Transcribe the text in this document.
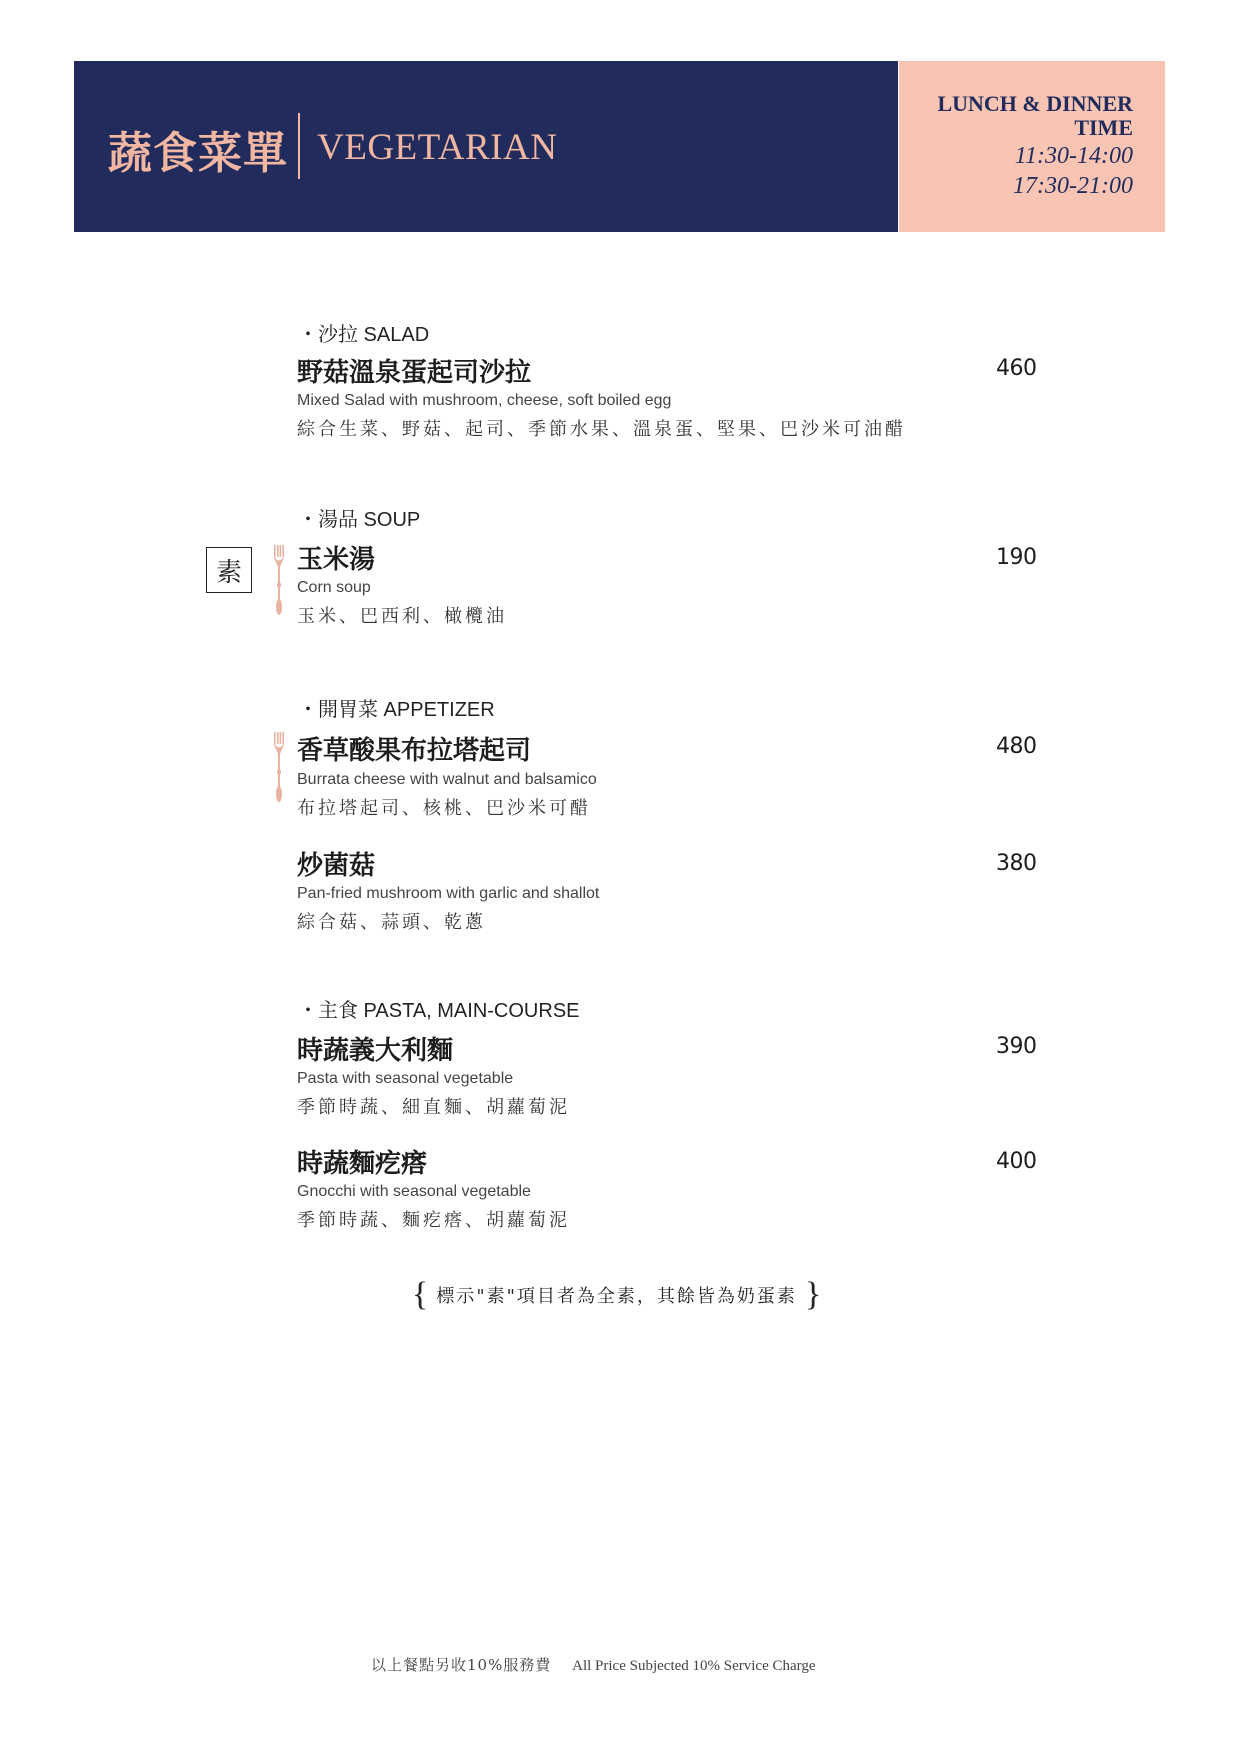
蔬食菜單 VEGETARIAN
LUNCH & DINNER
TIME
11:30-14:00
17:30-21:00
・沙拉 SALAD
野菇溫泉蛋起司沙拉	460
Mixed Salad with mushroom, cheese, soft boiled egg
綜合生菜、野菇、起司、季節水果、溫泉蛋、堅果、巴沙米可油醋
・湯品 SOUP
素	玉米湯	190
Corn soup
玉米、巴西利、橄欖油
・開胃菜 APPETIZER
香草酸果布拉塔起司	480
Burrata cheese with walnut and balsamico
布拉塔起司、核桃、巴沙米可醋
炒菌菇	380
Pan-fried mushroom with garlic and shallot
綜合菇、蒜頭、乾蔥
・主食 PASTA, MAIN-COURSE
時蔬義大利麵	390
Pasta with seasonal vegetable
季節時蔬、細直麵、胡蘿蔔泥
時蔬麵疙瘩	400
Gnocchi with seasonal vegetable
季節時蔬、麵疙瘩、胡蘿蔔泥
{ 標示"素"項目者為全素，其餘皆為奶蛋素 }
以上餐點另收10%服務費 All Price Subjected 10% Service Charge
